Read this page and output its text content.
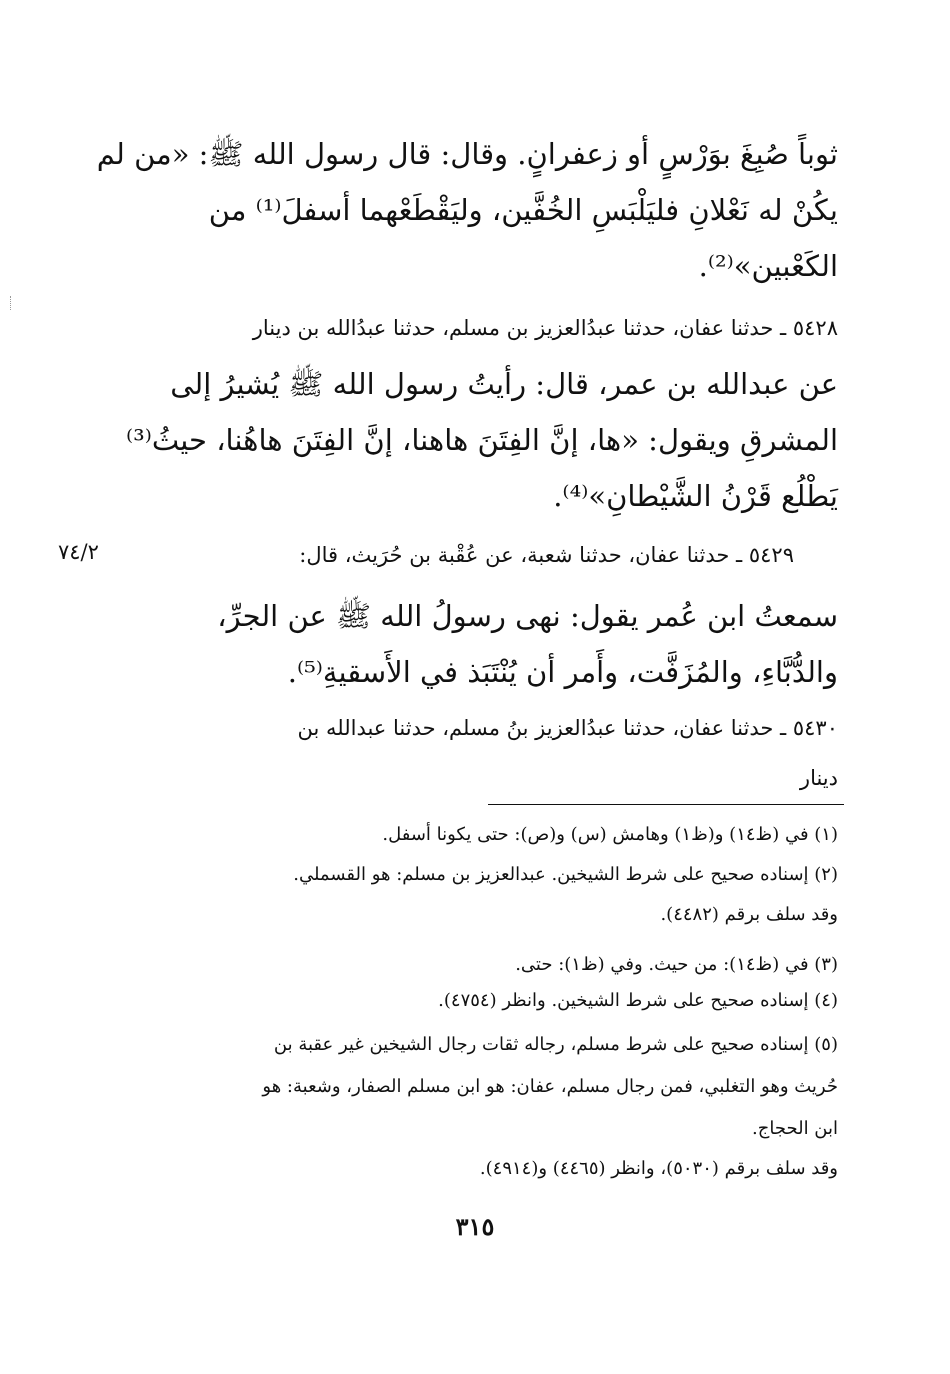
ثوباً صُبِغَ بوَرْسٍ أو زعفرانٍ. وقال: قال رسول الله ﷺ: «من لم
يكُنْ له نَعْلانِ فليَلْبَسِ الخُفَّين، وليَقْطَعْهما أسفلَ⁽¹⁾ من
الكَعْبين»⁽²⁾.
٥٤٢٨ ـ حدثنا عفان، حدثنا عبدُالعزيز بن مسلم، حدثنا عبدُالله بن دينار
عن عبدالله بن عمر، قال: رأيتُ رسول الله ﷺ يُشيرُ إلى
المشرقِ ويقول: «ها، إنَّ الفِتَنَ هاهنا، إنَّ الفِتَنَ هاهُنا، حيثُ⁽³⁾
يَطْلُع قَرْنُ الشَّيْطانِ»⁽⁴⁾.
٥٤٢٩ ـ حدثنا عفان، حدثنا شعبة، عن عُقْبة بن حُرَيث، قال:
سمعتُ ابن عُمر يقول: نهى رسولُ الله ﷺ عن الجرِّ،
والدُّبَّاءِ، والمُزَفَّت، وأَمر أن يُنْتَبَذ في الأَسقيةِ⁽⁵⁾.
٥٤٣٠ ـ حدثنا عفان، حدثنا عبدُالعزيز بنُ مسلم، حدثنا عبدالله بن
دينار
٧٤/٢
(١) في (ظ١٤) و(ظ١) وهامش (س) و(ص): حتى يكونا أسفل.
(٢) إسناده صحيح على شرط الشيخين. عبدالعزيز بن مسلم: هو القسملي.
وقد سلف برقم (٤٤٨٢).
(٣) في (ظ١٤): من حيث. وفي (ظ١): حتى.
(٤) إسناده صحيح على شرط الشيخين. وانظر (٤٧٥٤).
(٥) إسناده صحيح على شرط مسلم، رجاله ثقات رجال الشيخين غير عقبة بن
حُريث وهو التغلبي، فمن رجال مسلم، عفان: هو ابن مسلم الصفار، وشعبة: هو
ابن الحجاج.
وقد سلف برقم (٥٠٣٠)، وانظر (٤٤٦٥) و(٤٩١٤).
٣١٥
